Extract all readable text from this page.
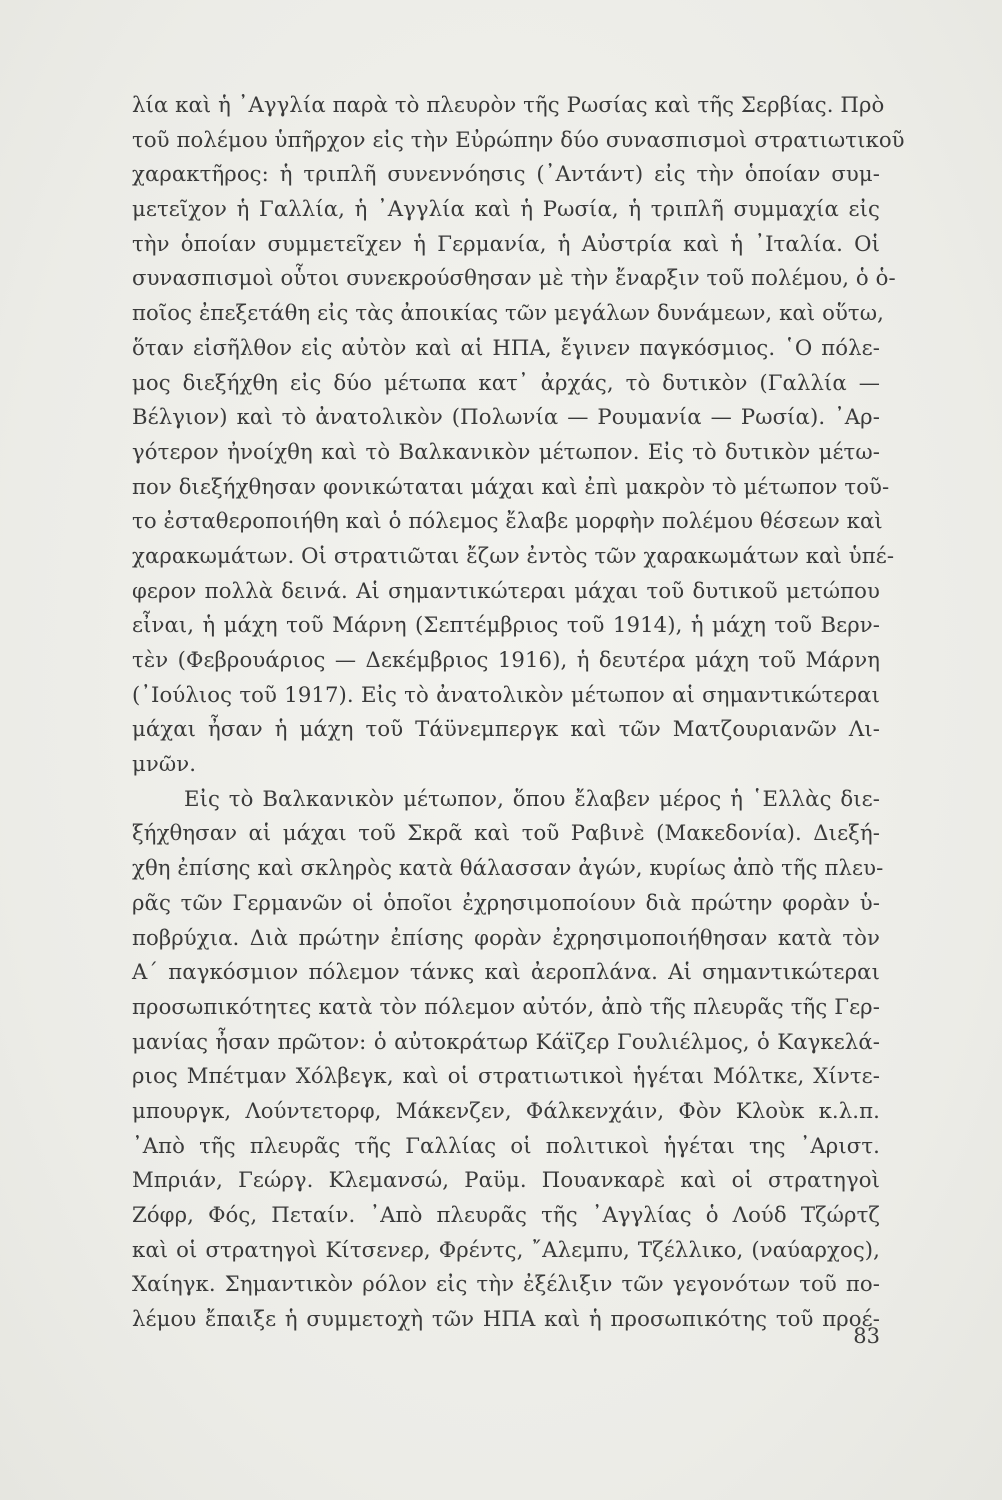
λία καὶ ἡ ᾿Αγγλία παρὰ τὸ πλευρὸν τῆς Ρωσίας καὶ τῆς Σερβίας. Πρὸ
τοῦ πολέμου ὑπῆρχον εἰς τὴν Εὐρώπην δύο συνασπισμοὶ στρατιωτικοῦ
χαρακτῆρος: ἡ τριπλῆ συνεννόησις (᾿Αντάντ) εἰς τὴν ὁποίαν συμ-
μετεῖχον ἡ Γαλλία, ἡ ᾿Αγγλία καὶ ἡ Ρωσία, ἡ τριπλῆ συμμαχία εἰς
τὴν ὁποίαν συμμετεῖχεν ἡ Γερμανία, ἡ Αὐστρία καὶ ἡ ᾿Ιταλία. Οἱ
συνασπισμοὶ οὗτοι συνεκρούσθησαν μὲ τὴν ἔναρξιν τοῦ πολέμου, ὁ ὁ-
ποῖος ἐπεξετάθη εἰς τὰς ἀποικίας τῶν μεγάλων δυνάμεων, καὶ οὕτω,
ὅταν εἰσῆλθον εἰς αὐτὸν καὶ αἱ ΗΠΑ, ἔγινεν παγκόσμιος. ῾Ο πόλε-
μος διεξήχθη εἰς δύο μέτωπα κατ᾿ ἀρχάς, τὸ δυτικὸν (Γαλλία —
Βέλγιον) καὶ τὸ ἀνατολικὸν (Πολωνία — Ρουμανία — Ρωσία). ᾿Αρ-
γότερον ἠνοίχθη καὶ τὸ Βαλκανικὸν μέτωπον. Εἰς τὸ δυτικὸν μέτω-
πον διεξήχθησαν φονικώταται μάχαι καὶ ἐπὶ μακρὸν τὸ μέτωπον τοῦ-
το ἐσταθεροποιήθη καὶ ὁ πόλεμος ἔλαβε μορφὴν πολέμου θέσεων καὶ
χαρακωμάτων. Οἱ στρατιῶται ἔζων ἐντὸς τῶν χαρακωμάτων καὶ ὑπέ-
φερον πολλὰ δεινά. Αἱ σημαντικώτεραι μάχαι τοῦ δυτικοῦ μετώπου
εἶναι, ἡ μάχη τοῦ Μάρνη (Σεπτέμβριος τοῦ 1914), ἡ μάχη τοῦ Βερν-
τὲν (Φεβρουάριος — Δεκέμβριος 1916), ἡ δευτέρα μάχη τοῦ Μάρνη
(᾿Ιούλιος τοῦ 1917). Εἰς τὸ ἀνατολικὸν μέτωπον αἱ σημαντικώτεραι
μάχαι ἦσαν ἡ μάχη τοῦ Τάϋνεμπεργκ καὶ τῶν Ματζουριανῶν Λι-
μνῶν.
Εἰς τὸ Βαλκανικὸν μέτωπον, ὅπου ἔλαβεν μέρος ἡ ῾Ελλὰς διε-
ξήχθησαν αἱ μάχαι τοῦ Σκρᾶ καὶ τοῦ Ραβινὲ (Μακεδονία). Διεξή-
χθη ἐπίσης καὶ σκληρὸς κατὰ θάλασσαν ἀγών, κυρίως ἀπὸ τῆς πλευ-
ρᾶς τῶν Γερμανῶν οἱ ὁποῖοι ἐχρησιμοποίουν διὰ πρώτην φορὰν ὑ-
ποβρύχια. Διὰ πρώτην ἐπίσης φορὰν ἐχρησιμοποιήθησαν κατὰ τὸν
Α΄ παγκόσμιον πόλεμον τάνκς καὶ ἀεροπλάνα. Αἱ σημαντικώτεραι
προσωπικότητες κατὰ τὸν πόλεμον αὐτόν, ἀπὸ τῆς πλευρᾶς τῆς Γερ-
μανίας ἦσαν πρῶτον: ὁ αὐτοκράτωρ Κάϊζερ Γουλιέλμος, ὁ Καγκελά-
ριος Μπέτμαν Χόλβεγκ, καὶ οἱ στρατιωτικοὶ ἡγέται Μόλτκε, Χίντε-
μπουργκ, Λούντετορφ, Μάκενζεν, Φάλκενχάιν, Φὸν Κλοὺκ κ.λ.π.
᾿Απὸ τῆς πλευρᾶς τῆς Γαλλίας οἱ πολιτικοὶ ἡγέται της ᾿Αριστ.
Μπριάν, Γεώργ. Κλεμανσώ, Ραϋμ. Πουανκαρὲ καὶ οἱ στρατηγοὶ
Ζόφρ, Φός, Πεταίν. ᾿Απὸ πλευρᾶς τῆς ᾿Αγγλίας ὁ Λούδ Τζώρτζ
καὶ οἱ στρατηγοὶ Κίτσενερ, Φρέντς, ῎Αλεμπυ, Τζέλλικο, (ναύαρχος),
Χαίηγκ. Σημαντικὸν ρόλον εἰς τὴν ἐξέλιξιν τῶν γεγονότων τοῦ πο-
λέμου ἔπαιξε ἡ συμμετοχὴ τῶν ΗΠΑ καὶ ἡ προσωπικότης τοῦ προέ-
83
